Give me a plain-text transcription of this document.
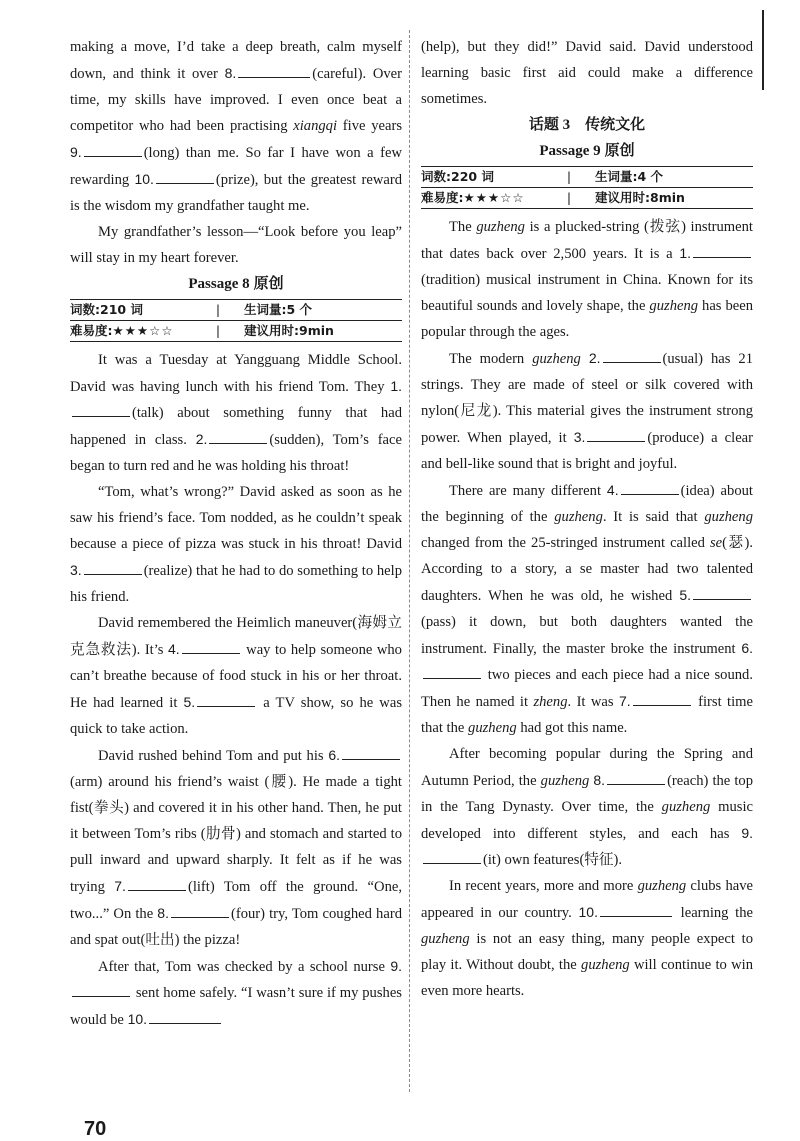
making a move, I’d take a deep breath, calm myself down, and think it over 8.	(careful). Over time, my skills have improved. I even once beat a competitor who had been practising xiangqi five years 9.	(long) than me. So far I have won a few rewarding 10.	(prize), but the greatest reward is the wisdom my grandfather taught me.

My grandfather’s lesson—“Look before you leap” will stay in my heart forever.

Passage 8 原创

词数:210 词	|	生词量:5 个
难易度:★★★☆☆	|	建议用时:9min

It was a Tuesday at Yangguang Middle School. David was having lunch with his friend Tom. They 1.(talk) about something funny that had happened in class. 2.	(sudden), Tom’s face began to turn red and he was holding his throat!

“Tom, what’s wrong?” David asked as soon as he saw his friend’s face. Tom nodded, as he couldn’t speak because a piece of pizza was stuck in his throat! David 3.	(realize) that he had to do something to help his friend.

David remembered the Heimlich maneuver(海姆立克急救法). It’s 4.	way to help someone who can’t breathe because of food stuck in his or her throat. He had learned it 5.	a TV show, so he was quick to take action.

David rushed behind Tom and put his 6.(arm) around his friend’s waist (腰). He made a tight fist(拳头) and covered it in his other hand. Then, he put it between Tom’s ribs (肋骨) and stomach and started to pull inward and upward sharply. It felt as if he was trying 7.	(lift) Tom off the ground. “One, two...” On the 8.	(four) try, Tom coughed hard and spat out(吐出) the pizza!

After that, Tom was checked by a school nurse 9. sent home safely. “I wasn’t sure if my pushes would be 10.

(help), but they did!” David said. David understood learning basic first aid could make a difference sometimes.

话题 3　传统文化

Passage 9 原创

词数:220 词	|	生词量:4 个
难易度:★★★☆☆	|	建议用时:8min

The guzheng is a plucked-string (拨弦) instrument that dates back over 2,500 years. It is a 1.(tradition) musical instrument in China. Known for its beautiful sounds and lovely shape, the guzheng has been popular through the ages.

The modern guzheng 2.	(usual) has 21 strings. They are made of steel or silk covered with nylon(尼龙). This material gives the instrument strong power. When played, it 3.	(produce) a clear and bell-like sound that is bright and joyful.

There are many different 4.	(idea) about the beginning of the guzheng. It is said that guzheng changed from the 25-stringed instrument called se(瑟). According to a story, a se master had two talented daughters. When he was old, he wished 5.(pass) it down, but both daughters wanted the instrument. Finally, the master broke the instrument 6. two pieces and each piece had a nice sound. Then he named it zheng. It was 7.	first time that the guzheng had got this name.

After becoming popular during the Spring and Autumn Period, the guzheng 8.	(reach) the top in the Tang Dynasty. Over time, the guzheng music developed into different styles, and each has 9.(it) own features(特征).

In recent years, more and more guzheng clubs have appeared in our country. 10.	learning the guzheng is not an easy thing, many people expect to play it. Without doubt, the guzheng will continue to win even more hearts.

70
